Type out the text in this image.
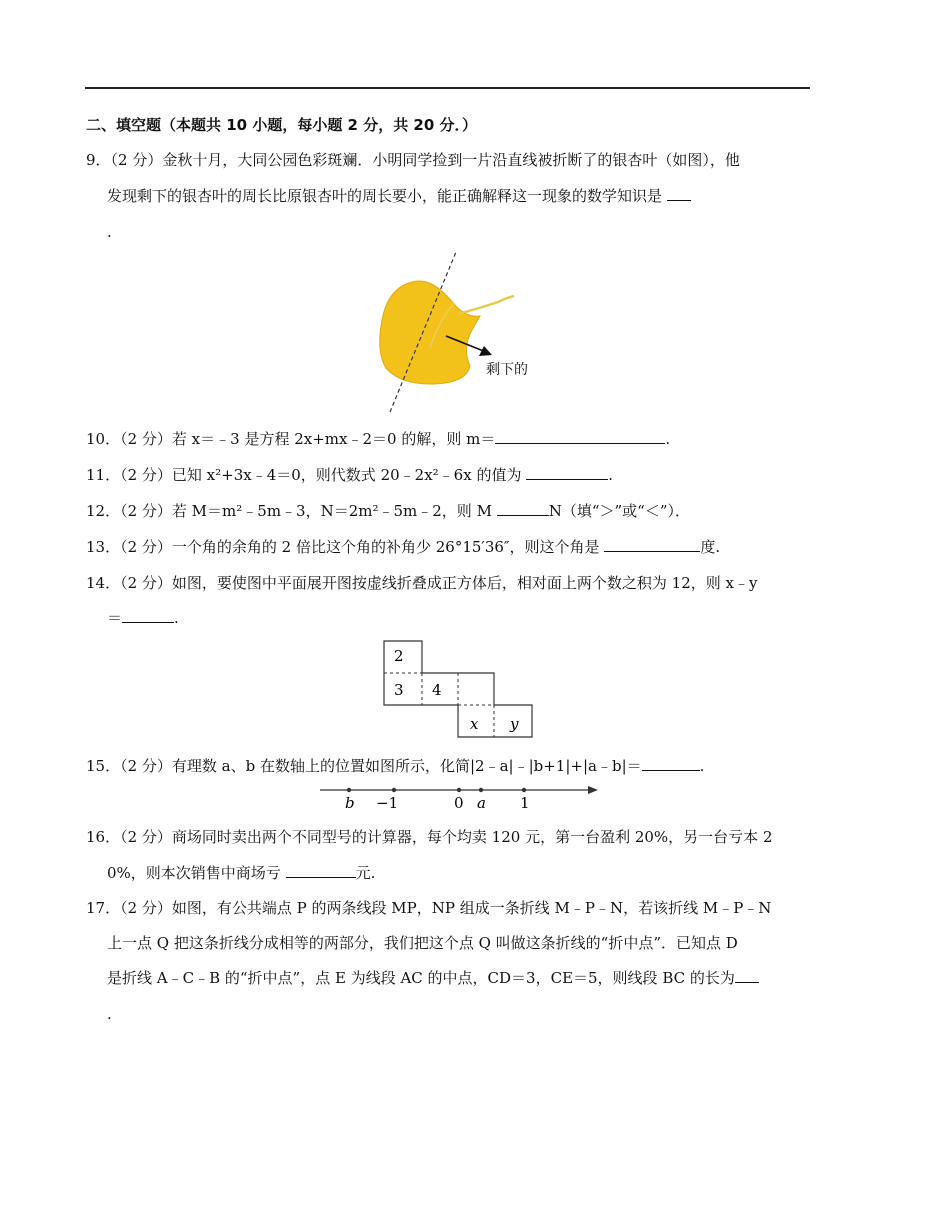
二、填空题（本题共 10 小题，每小题 2 分，共 20 分．）
9．（2 分）金秋十月，大同公园色彩斑斓．小明同学捡到一片沿直线被折断了的银杏叶（如图），他
发现剩下的银杏叶的周长比原银杏叶的周长要小，能正确解释这一现象的数学知识是
.
剩下的
10．（2 分）若 x＝﹣3 是方程 2x+mx﹣2＝0 的解，则 m＝	.
11．（2 分）已知 x²+3x﹣4＝0，则代数式 20﹣2x²﹣6x 的值为	.
12．（2 分）若 M＝m²﹣5m﹣3，N＝2m²﹣5m﹣2，则 M	N（填“＞”或“＜”）．
13．（2 分）一个角的余角的 2 倍比这个角的补角少 26°15′36″，则这个角是	度.
14．（2 分）如图，要使图中平面展开图按虚线折叠成正方体后，相对面上两个数之积为 12，则 x﹣y
＝	.
2
3 4
x y
15．（2 分）有理数 a、b 在数轴上的位置如图所示，化简|2﹣a|﹣|b+1|+|a﹣b|＝	.
b −1	0 a 1
16．（2 分）商场同时卖出两个不同型号的计算器，每个均卖 120 元，第一台盈利 20%，另一台亏本 2
0%，则本次销售中商场亏	元.
17．（2 分）如图，有公共端点 P 的两条线段 MP，NP 组成一条折线 M﹣P﹣N，若该折线 M﹣P﹣N
上一点 Q 把这条折线分成相等的两部分，我们把这个点 Q 叫做这条折线的“折中点”．已知点 D
是折线 A﹣C﹣B 的“折中点”，点 E 为线段 AC 的中点，CD＝3，CE＝5，则线段 BC 的长为
.
